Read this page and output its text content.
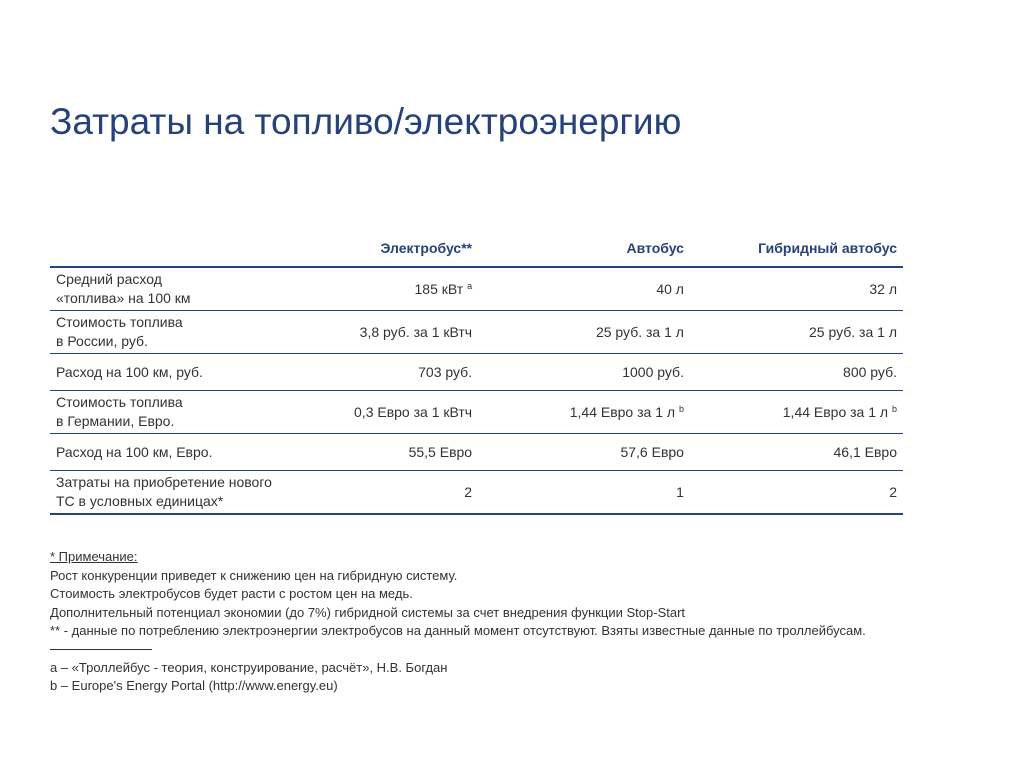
Затраты на топливо/электроэнергию
	Электробус**	Автобус	Гибридный автобус
Средний расход
«топлива» на 100 км	185 кВт $^a$	40 л	32 л
Стоимость топлива
в России, руб.	3,8 руб. за 1 кВтч	25 руб. за 1 л	25 руб. за 1 л
Расход на 100 км, руб.	703 руб.	1000 руб.	800 руб.
Стоимость топлива
в Германии, Евро.	0,3 Евро за 1 кВтч	1,44 Евро за 1 л $^b$	1,44 Евро за 1 л $^b$
Расход на 100 км, Евро.	55,5 Евро	57,6 Евро	46,1 Евро
Затраты на приобретение нового
ТС в условных единицах*	2	1	2
* Примечание:
Рост конкуренции приведет к снижению цен на гибридную систему.
Стоимость электробусов будет расти с ростом цен на медь.
Дополнительный потенциал экономии (до 7%) гибридной системы за счет внедрения функции Stop-Start
** - данные по потреблению электроэнергии электробусов на данный момент отсутствуют. Взяты известные данные по троллейбусам.
a – «Троллейбус - теория, конструирование, расчёт», Н.В. Богдан
b – Europe's Energy Portal (http://www.energy.eu)
